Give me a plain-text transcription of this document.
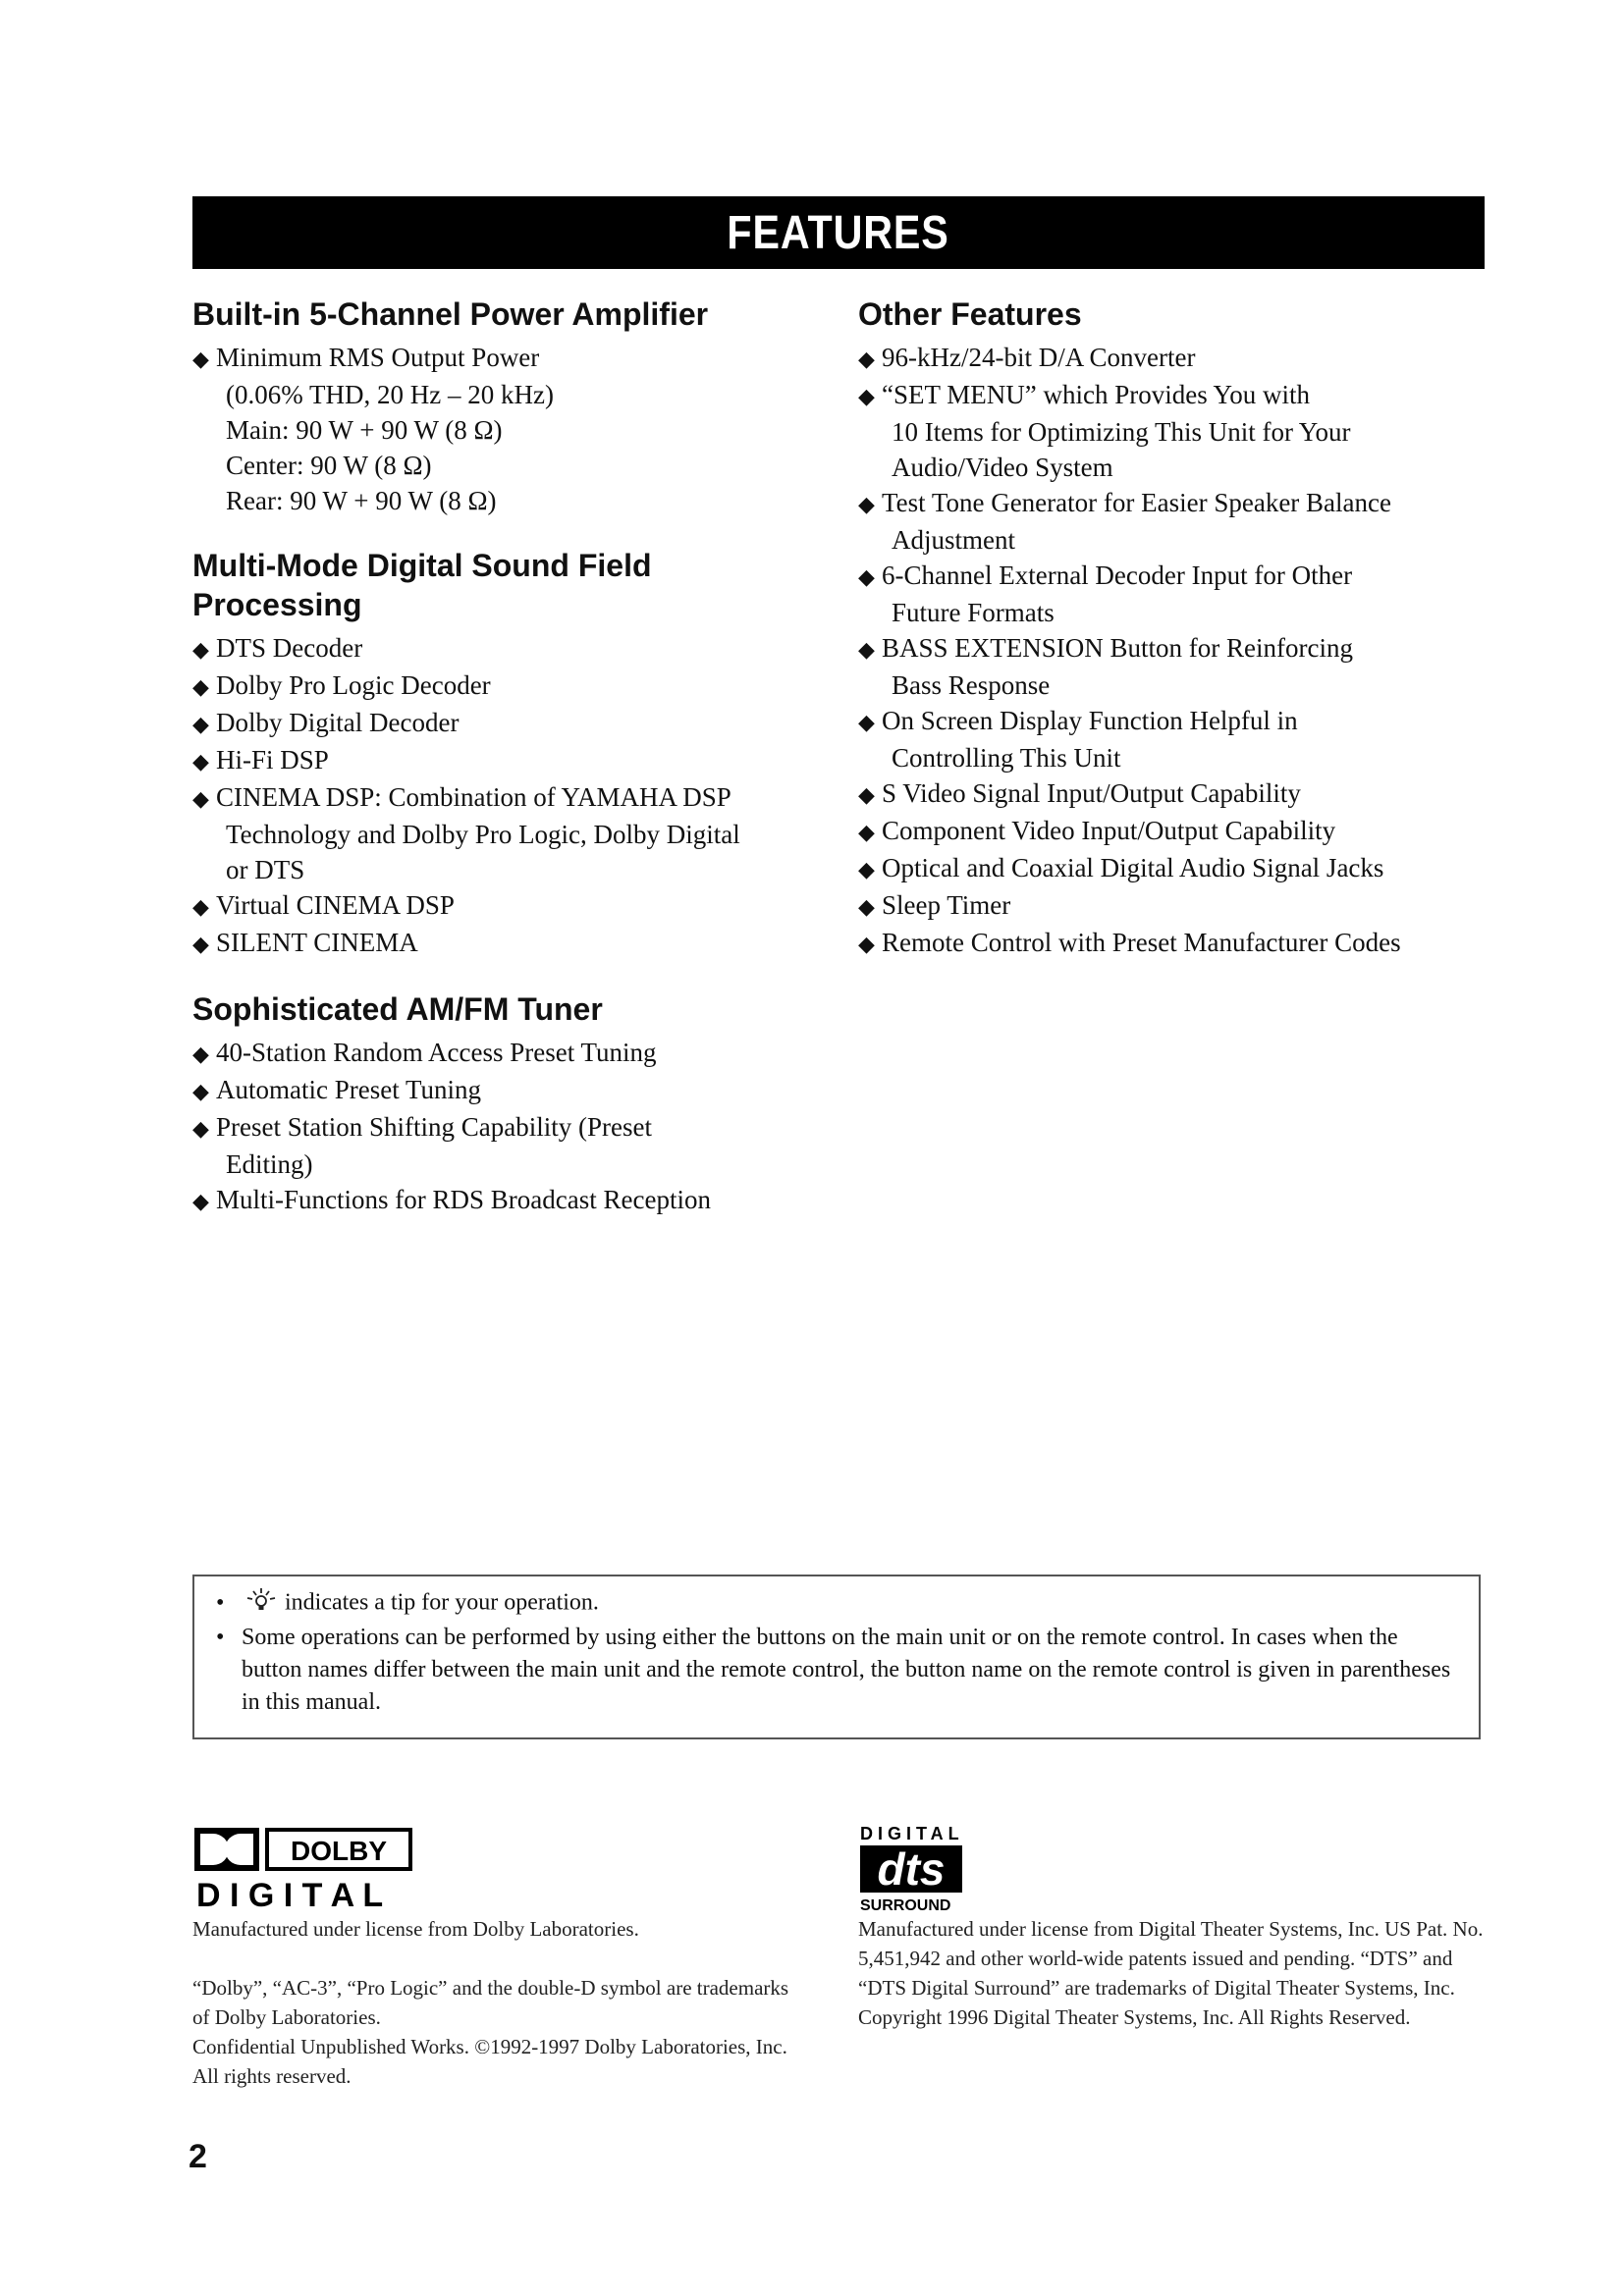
FEATURES
Built-in 5-Channel Power Amplifier
◆ Minimum RMS Output Power
(0.06% THD, 20 Hz – 20 kHz)
Main: 90 W + 90 W (8 Ω)
Center: 90 W (8 Ω)
Rear: 90 W + 90 W (8 Ω)
Multi-Mode Digital Sound Field
Processing
◆ DTS Decoder
◆ Dolby Pro Logic Decoder
◆ Dolby Digital Decoder
◆ Hi-Fi DSP
◆ CINEMA DSP: Combination of YAMAHA DSP
Technology and Dolby Pro Logic, Dolby Digital
or DTS
◆ Virtual CINEMA DSP
◆ SILENT CINEMA
Sophisticated AM/FM Tuner
◆ 40-Station Random Access Preset Tuning
◆ Automatic Preset Tuning
◆ Preset Station Shifting Capability (Preset
Editing)
◆ Multi-Functions for RDS Broadcast Reception
Other Features
◆ 96-kHz/24-bit D/A Converter
◆ “SET MENU” which Provides You with
10 Items for Optimizing This Unit for Your
Audio/Video System
◆ Test Tone Generator for Easier Speaker Balance
Adjustment
◆ 6-Channel External Decoder Input for Other
Future Formats
◆ BASS EXTENSION Button for Reinforcing
Bass Response
◆ On Screen Display Function Helpful in
Controlling This Unit
◆ S Video Signal Input/Output Capability
◆ Component Video Input/Output Capability
◆ Optical and Coaxial Digital Audio Signal Jacks
◆ Sleep Timer
◆ Remote Control with Preset Manufacturer Codes
•	indicates a tip for your operation.
• Some operations can be performed by using either the buttons on the main unit or on the remote control. In cases when the button names differ between the main unit and the remote control, the button name on the remote control is given in parentheses in this manual.
DOLBY
D I G I T A L

Manufactured under license from Dolby Laboratories.

“Dolby”, “AC-3”, “Pro Logic” and the double-D symbol are trademarks of Dolby Laboratories.

Confidential Unpublished Works. ©1992-1997 Dolby Laboratories, Inc. All rights reserved.

DIGITAL
dts
SURROUND

Manufactured under license from Digital Theater Systems, Inc. US Pat. No. 5,451,942 and other world-wide patents issued and pending. “DTS” and “DTS Digital Surround” are trademarks of Digital Theater Systems, Inc. Copyright 1996 Digital Theater Systems, Inc. All Rights Reserved.

2
